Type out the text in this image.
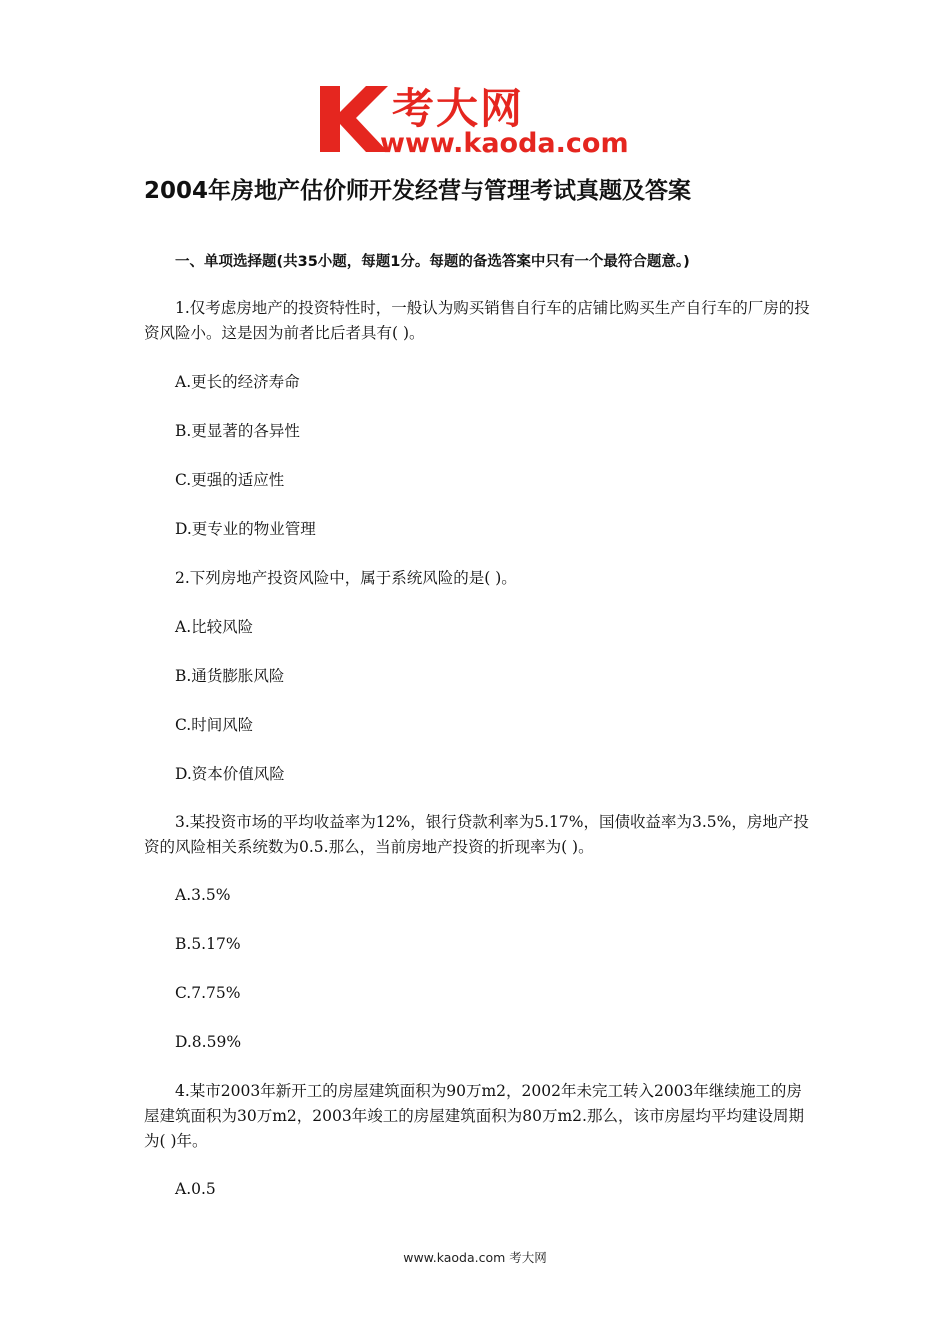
考大网
www.kaoda.com
2004年房地产估价师开发经营与管理考试真题及答案
一、单项选择题(共35小题，每题1分。每题的备选答案中只有一个最符合题意。)
1.仅考虑房地产的投资特性时，一般认为购买销售自行车的店铺比购买生产自行车的厂房的投资风险小。这是因为前者比后者具有( )。
A.更长的经济寿命
B.更显著的各异性
C.更强的适应性
D.更专业的物业管理
2.下列房地产投资风险中，属于系统风险的是( )。
A.比较风险
B.通货膨胀风险
C.时间风险
D.资本价值风险
3.某投资市场的平均收益率为12%，银行贷款利率为5.17%，国债收益率为3.5%，房地产投资的风险相关系统数为0.5.那么，当前房地产投资的折现率为( )。
A.3.5%
B.5.17%
C.7.75%
D.8.59%
4.某市2003年新开工的房屋建筑面积为90万m2，2002年未完工转入2003年继续施工的房屋建筑面积为30万m2，2003年竣工的房屋建筑面积为80万m2.那么，该市房屋均平均建设周期为( )年。
A.0.5
www.kaoda.com 考大网
